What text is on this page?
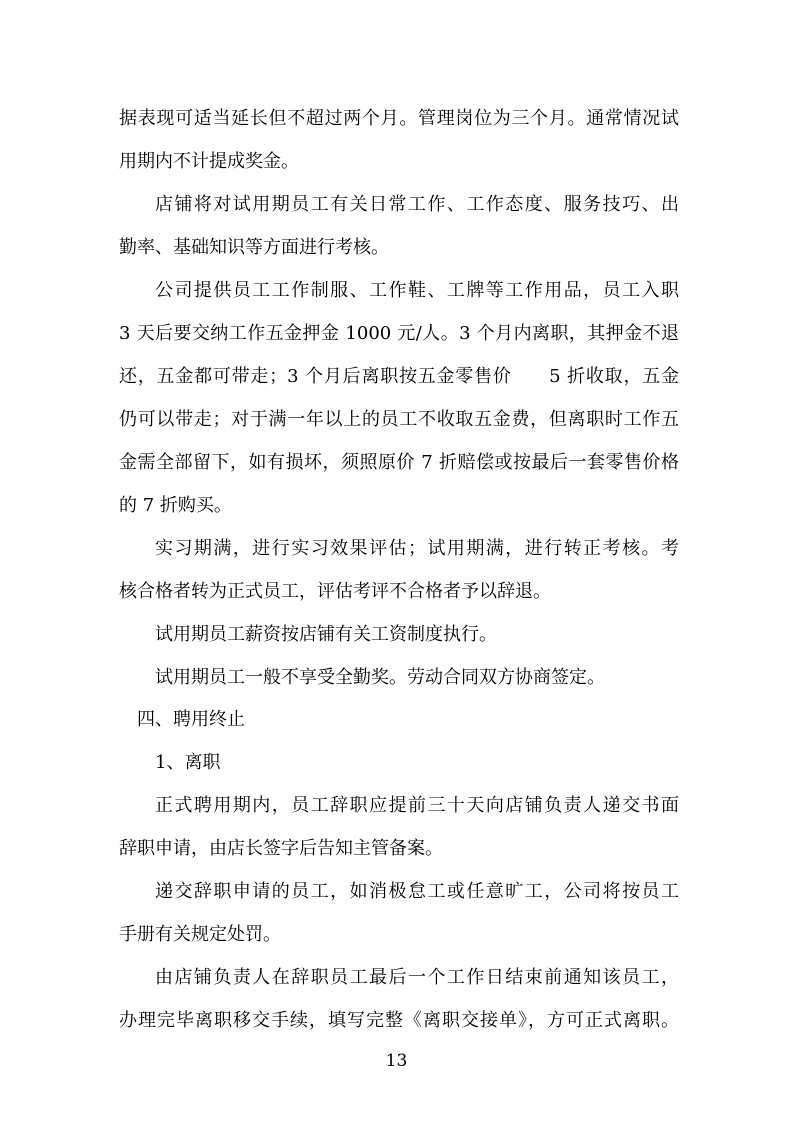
据表现可适当延长但不超过两个月。管理岗位为三个月。通常情况试
用期内不计提成奖金。
店铺将对试用期员工有关日常工作、工作态度、服务技巧、出
勤率、基础知识等方面进行考核。
公司提供员工工作制服、工作鞋、工牌等工作用品，员工入职
3 天后要交纳工作五金押金 1000 元/人。3 个月内离职，其押金不退
还，五金都可带走；3 个月后离职按五金零售价　　5 折收取，五金
仍可以带走；对于满一年以上的员工不收取五金费，但离职时工作五
金需全部留下，如有损坏，须照原价 7 折赔偿或按最后一套零售价格
的 7 折购买。
实习期满，进行实习效果评估；试用期满，进行转正考核。考
核合格者转为正式员工，评估考评不合格者予以辞退。
试用期员工薪资按店铺有关工资制度执行。
试用期员工一般不享受全勤奖。劳动合同双方协商签定。
四、聘用终止
1、离职
正式聘用期内，员工辞职应提前三十天向店铺负责人递交书面
辞职申请，由店长签字后告知主管备案。
递交辞职申请的员工，如消极怠工或任意旷工，公司将按员工
手册有关规定处罚。
由店铺负责人在辞职员工最后一个工作日结束前通知该员工，
办理完毕离职移交手续，填写完整《离职交接单》，方可正式离职。
13
